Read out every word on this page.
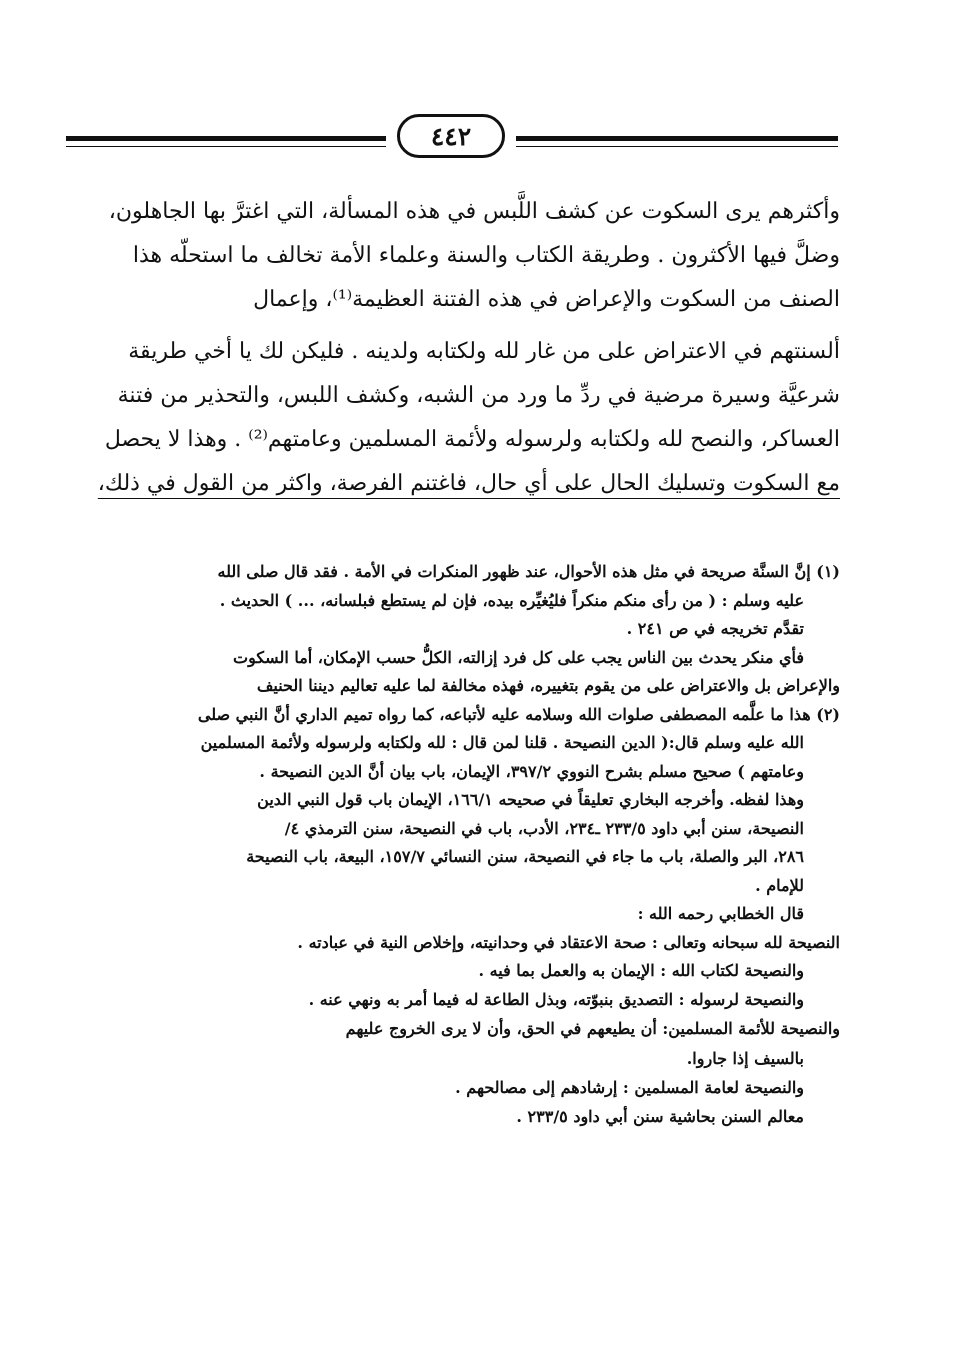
٤٤٢
وأكثرهم يرى السكوت عن كشف اللَّبس في هذه المسألة، التي اغترَّ بها الجاهلون،
وضلَّ فيها الأكثرون . وطريقة الكتاب والسنة وعلماء الأمة تخالف ما استحلّه هذا
الصنف من السكوت والإعراض في هذه الفتنة العظيمة⁽¹⁾، وإعمال
ألسنتهم في الاعتراض على من غار لله ولكتابه ولدينه . فليكن لك يا أخي طريقة
شرعيَّة وسيرة مرضية في ردِّ ما ورد من الشبه، وكشف اللبس، والتحذير من فتنة
العساكر، والنصح لله ولكتابه ولرسوله ولأئمة المسلمين وعامتهم⁽²⁾ . وهذا لا يحصل
مع السكوت وتسليك الحال على أي حال، فاغتنم الفرصة، واكثر من القول في ذلك،
(١) إنَّ السنَّة صريحة في مثل هذه الأحوال، عند ظهور المنكرات في الأمة . فقد قال صلى الله
عليه وسلم : ( من رأى منكم منكراً فليُغيِّره بيده، فإن لم يستطع فبلسانه، ... ) الحديث .
تقدَّم تخريجه في ص ٢٤١ .
فأي منكر يحدث بين الناس يجب على كل فرد إزالته، الكلُّ حسب الإمكان، أما السكوت
والإعراض بل والاعتراض على من يقوم بتغييره، فهذه مخالفة لما عليه تعاليم ديننا الحنيف
(٢) هذا ما علَّمه المصطفى صلوات الله وسلامه عليه لأتباعه، كما رواه تميم الداري أنَّ النبي صلى
الله عليه وسلم قال:( الدين النصيحة . قلنا لمن قال : لله ولكتابه ولرسوله ولأئمة المسلمين
وعامتهم ) صحيح مسلم بشرح النووي ٣٩٧/٢، الإيمان، باب بيان أنَّ الدين النصيحة .
وهذا لفظه. وأخرجه البخاري تعليقاً في صحيحه ١٦٦/١، الإيمان باب قول النبي الدين
النصيحة، سنن أبي داود ٢٣٣/٥ ـ٢٣٤، الأدب، باب في النصيحة، سنن الترمذي ٤/
٢٨٦، البر والصلة، باب ما جاء في النصيحة، سنن النسائي ١٥٧/٧، البيعة، باب النصيحة
للإمام .
قال الخطابي رحمه الله :
النصيحة لله سبحانه وتعالى : صحة الاعتقاد في وحدانيته، وإخلاص النية في عبادته .
والنصيحة لكتاب الله : الإيمان به والعمل بما فيه .
والنصيحة لرسوله : التصديق بنبوّته، وبذل الطاعة له فيما أمر به ونهي عنه .
والنصيحة للأئمة المسلمين: أن يطيعهم في الحق، وأن لا يرى الخروج عليهم
بالسيف إذا جاروا.
والنصيحة لعامة المسلمين : إرشادهم إلى مصالحهم .
معالم السنن بحاشية سنن أبي داود ٢٣٣/٥ .
